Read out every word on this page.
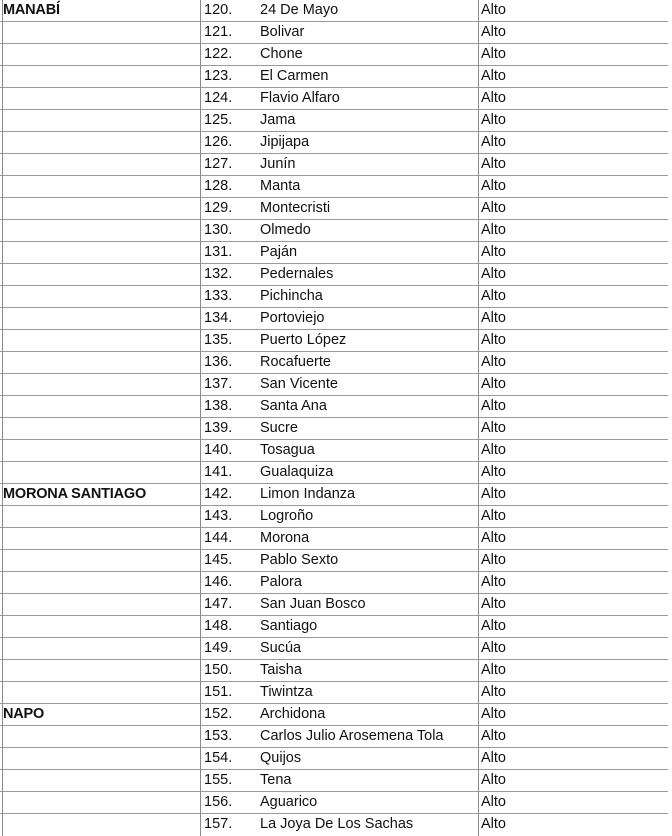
MANABÍ	120. 24 De Mayo	Alto
121. Bolivar	Alto
122. Chone	Alto
123. El Carmen	Alto
124. Flavio Alfaro	Alto
125. Jama	Alto
126. Jipijapa	Alto
127. Junín	Alto
128. Manta	Alto
129. Montecristi	Alto
130. Olmedo	Alto
131. Paján	Alto
132. Pedernales	Alto
133. Pichincha	Alto
134. Portoviejo	Alto
135. Puerto López	Alto
136. Rocafuerte	Alto
137. San Vicente	Alto
138. Santa Ana	Alto
139. Sucre	Alto
140. Tosagua	Alto
141. Gualaquiza	Alto
MORONA SANTIAGO	142. Limon Indanza	Alto
143. Logroño	Alto
144. Morona	Alto
145. Pablo Sexto	Alto
146. Palora	Alto
147. San Juan Bosco	Alto
148. Santiago	Alto
149. Sucúa	Alto
150. Taisha	Alto
151. Tiwintza	Alto
NAPO	152. Archidona	Alto
153. Carlos Julio Arosemena Tola	Alto
154. Quijos	Alto
155. Tena	Alto
156. Aguarico	Alto
157. La Joya De Los Sachas	Alto
